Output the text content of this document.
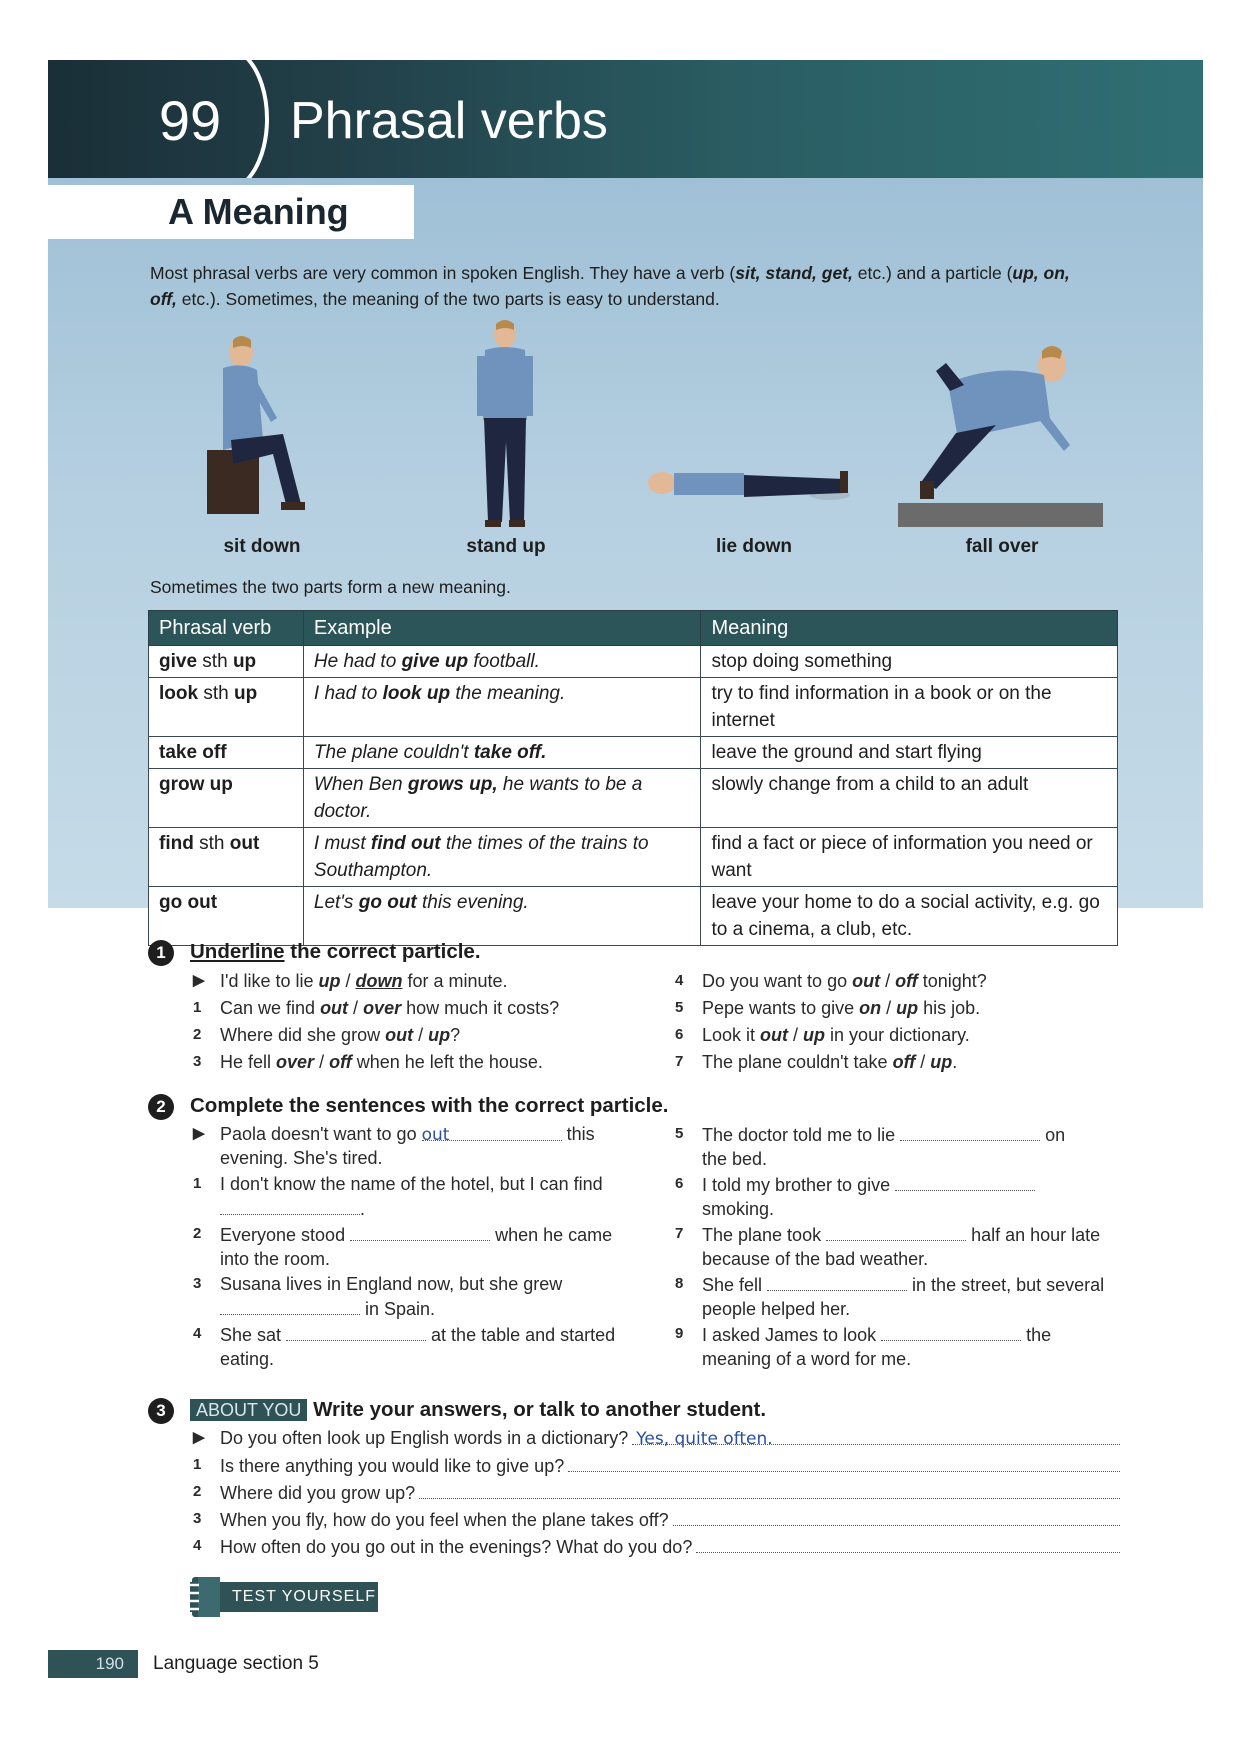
99	Phrasal verbs
A Meaning
Most phrasal verbs are very common in spoken English. They have a verb (sit, stand, get, etc.) and a particle (up, on,
off, etc.). Sometimes, the meaning of the two parts is easy to understand.
sit down	stand up	lie down	fall over
Sometimes the two parts form a new meaning.
Phrasal verb	Example	Meaning
give sth up	He had to give up football.	stop doing something
look sth up	I had to look up the meaning.	try to find information in a book or on the internet
take off	The plane couldn't take off.	leave the ground and start flying
grow up	When Ben grows up, he wants to be a doctor.	slowly change from a child to an adult
find sth out	I must find out the times of the trains to Southampton.	find a fact or piece of information you need or want
go out	Let's go out this evening.	leave your home to do a social activity, e.g. go to a cinema, a club, etc.
1	Underline the correct particle.
▶ I'd like to lie up / down for a minute.
1 Can we find out / over how much it costs?
2 Where did she grow out / up?
3 He fell over / off when he left the house.
4 Do you want to go out / off tonight?
5 Pepe wants to give on / up his job.
6 Look it out / up in your dictionary.
7 The plane couldn't take off / up.
2	Complete the sentences with the correct particle.
▶ Paola doesn't want to go out	this
evening. She's tired.
1 I don't know the name of the hotel, but I can find
.
2 Everyone stood	when he came
into the room.
3 Susana lives in England now, but she grew
in Spain.
4 She sat	at the table and started
eating.
5 The doctor told me to lie	on
the bed.
6 I told my brother to give
smoking.
7 The plane took	half an hour late
because of the bad weather.
8 She fell	in the street, but several
people helped her.
9 I asked James to look	the
meaning of a word for me.
3	ABOUT YOU Write your answers, or talk to another student.
▶ Do you often look up English words in a dictionary? Yes, quite often.
1 Is there anything you would like to give up?
2 Where did you grow up?
3 When you fly, how do you feel when the plane takes off?
4 How often do you go out in the evenings? What do you do?
TEST YOURSELF
190	Language section 5
